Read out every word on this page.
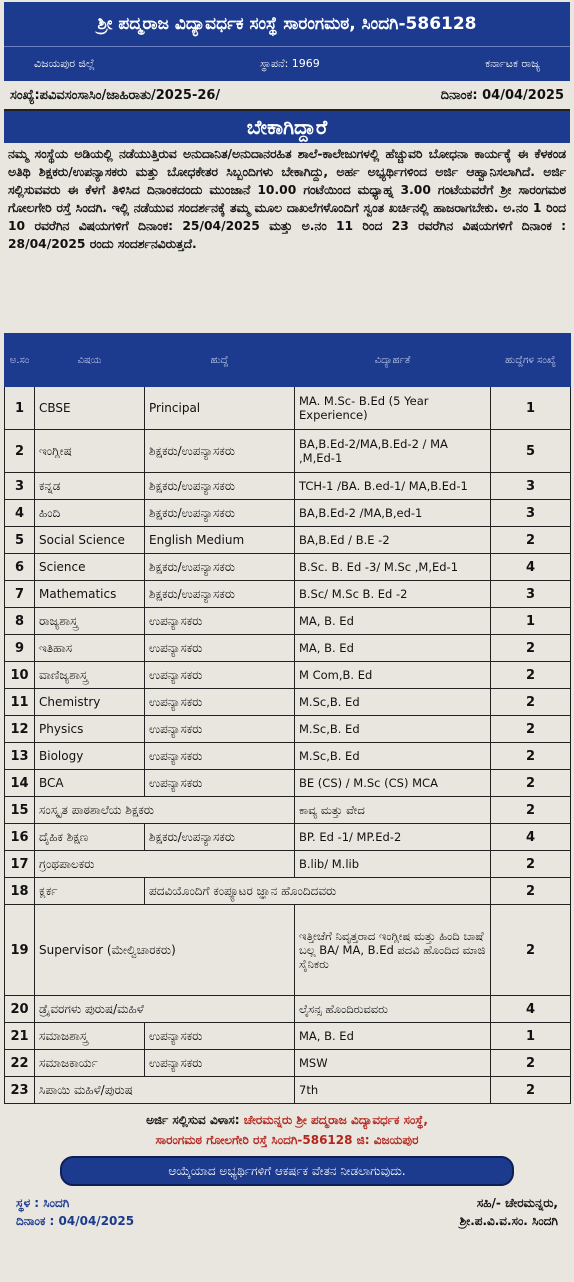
ಶ್ರೀ ಪದ್ಮರಾಜ ವಿದ್ಯಾವರ್ಧಕ ಸಂಸ್ಥೆ ಸಾರಂಗಮಠ, ಸಿಂದಗಿ-586128
ವಿಜಯಪುರ ಜಿಲ್ಲೆ	ಸ್ಥಾಪನೆ: 1969	ಕರ್ನಾಟಕ ರಾಜ್ಯ
ಸಂಖ್ಯೆ:ಪವಿವಸಂಸಾಸಿಂ/ಜಾಹಿರಾತು/2025-26/	ದಿನಾಂಕ: 04/04/2025
ಬೇಕಾಗಿದ್ದಾರೆ
ನಮ್ಮ ಸಂಸ್ಥೆಯ ಅಡಿಯಲ್ಲಿ ನಡೆಯುತ್ತಿರುವ ಅನುದಾನಿತ/ಅನುದಾನರಹಿತ ಶಾಲೆ-ಕಾಲೇಜುಗಳಲ್ಲಿ ಹೆಚ್ಚುವರಿ ಬೋಧನಾ ಕಾರ್ಯಕ್ಕೆ ಈ ಕೆಳಕಂಡ ಅತಿಥಿ ಶಿಕ್ಷಕರು/ಉಪನ್ಯಾಸಕರು ಮತ್ತು ಬೋಧಕೇತರ ಸಿಬ್ಬಂದಿಗಳು ಬೇಕಾಗಿದ್ದು, ಅರ್ಹ ಅಭ್ಯರ್ಥಿಗಳಿಂದ ಅರ್ಜಿ ಆಹ್ವಾನಿಸಲಾಗಿದೆ. ಅರ್ಜಿ ಸಲ್ಲಿಸುವವರು ಈ ಕೆಳಗೆ ತಿಳಿಸಿದ ದಿನಾಂಕದಂದು ಮುಂಜಾನೆ 10.00 ಗಂಟೆಯಿಂದ ಮಧ್ಯಾಹ್ನ 3.00 ಗಂಟೆಯವರೆಗೆ ಶ್ರೀ ಸಾರಂಗಮಠ ಗೋಲಗೇರಿ ರಸ್ತೆ ಸಿಂದಗಿ. ಇಲ್ಲಿ ನಡೆಯುವ ಸಂದರ್ಶನಕ್ಕೆ ತಮ್ಮ ಮೂಲ ದಾಖಲೆಗಳೊಂದಿಗೆ ಸ್ವಂತ ಖರ್ಚಿನಲ್ಲಿ ಹಾಜರಾಗಬೇಕು. ಅ.ನಂ 1 ರಿಂದ 10 ರವರೆಗಿನ ವಿಷಯಗಳಿಗೆ ದಿನಾಂಕ: 25/04/2025 ಮತ್ತು ಅ.ನಂ 11 ರಿಂದ 23 ರವರೆಗಿನ ವಿಷಯಗಳಿಗೆ ದಿನಾಂಕ : 28/04/2025 ರಂದು ಸಂದರ್ಶನವಿರುತ್ತದೆ.
ಅ.ಸಂ	ವಿಷಯ	ಹುದ್ದೆ	ವಿದ್ಯಾರ್ಹತೆ	ಹುದ್ದೆಗಳ ಸಂಖ್ಯೆ
1	CBSE	Principal	MA. M.Sc- B.Ed (5 Year Experience)	1
2	ಇಂಗ್ಲೀಷ	ಶಿಕ್ಷಕರು/ಉಪನ್ಯಾಸಕರು	BA,B.Ed-2/MA,B.Ed-2 / MA ,M,Ed-1	5
3	ಕನ್ನಡ	ಶಿಕ್ಷಕರು/ಉಪನ್ಯಾಸಕರು	TCH-1 /BA. B.ed-1/ MA,B.Ed-1	3
4	ಹಿಂದಿ	ಶಿಕ್ಷಕರು/ಉಪನ್ಯಾಸಕರು	BA,B.Ed-2 /MA,B,ed-1	3
5	Social Science	English Medium	BA,B.Ed / B.E -2	2
6	Science	ಶಿಕ್ಷಕರು/ಉಪನ್ಯಾಸಕರು	B.Sc. B. Ed -3/ M.Sc ,M,Ed-1	4
7	Mathematics	ಶಿಕ್ಷಕರು/ಉಪನ್ಯಾಸಕರು	B.Sc/ M.Sc B. Ed -2	3
8	ರಾಜ್ಯಶಾಸ್ತ್ರ	ಉಪನ್ಯಾಸಕರು	MA, B. Ed	1
9	ಇತಿಹಾಸ	ಉಪನ್ಯಾಸಕರು	MA, B. Ed	2
10	ವಾಣಿಜ್ಯಶಾಸ್ತ್ರ	ಉಪನ್ಯಾಸಕರು	M Com,B. Ed	2
11	Chemistry	ಉಪನ್ಯಾಸಕರು	M.Sc,B. Ed	2
12	Physics	ಉಪನ್ಯಾಸಕರು	M.Sc,B. Ed	2
13	Biology	ಉಪನ್ಯಾಸಕರು	M.Sc,B. Ed	2
14	BCA	ಉಪನ್ಯಾಸಕರು	BE (CS) / M.Sc (CS) MCA	2
15	ಸಂಸ್ಕೃತ ಪಾಠಶಾಲೆಯ ಶಿಕ್ಷಕರು		ಕಾವ್ಯ ಮತ್ತು ವೇದ	2
16	ದೈಹಿಕ ಶಿಕ್ಷಣ	ಶಿಕ್ಷಕರು/ಉಪನ್ಯಾಸಕರು	BP. Ed -1/ MP.Ed-2	4
17	ಗ್ರಂಥಪಾಲಕರು		B.lib/ M.lib	2
18	ಕ್ಲರ್ಕ	ಪದವಿಯೊಂದಿಗೆ ಕಂಪ್ಯೂಟರ ಜ್ಞಾನ ಹೊಂದಿದವರು		2
19	Supervisor (ಮೇಲ್ವಿಚಾರಕರು)		ಇತ್ತೀಚೆಗೆ ನಿವೃತ್ತರಾದ ಇಂಗ್ಲೀಷ ಮತ್ತು ಹಿಂದಿ ಬಾಷೆ ಬಲ್ಲ BA/ MA, B.Ed ಪದವಿ ಹೊಂದಿದ ಮಾಜಿ ಸೈನಿಕರು	2
20	ಡ್ರೈವರಗಳು ಪುರುಷ/ಮಹಿಳೆ		ಲೈಸನ್ಸ ಹೊಂದಿರುವವರು	4
21	ಸಮಾಜಶಾಸ್ತ್ರ	ಉಪನ್ಯಾಸಕರು	MA, B. Ed	1
22	ಸಮಾಜಕಾರ್ಯ	ಉಪನ್ಯಾಸಕರು	MSW	2
23	ಸಿಪಾಯಿ ಮಹಿಳೆ/ಪುರುಷ		7th	2
ಅರ್ಜಿ ಸಲ್ಲಿಸುವ ವಿಳಾಸ: ಚೇರಮನ್ನರು ಶ್ರೀ ಪದ್ಮರಾಜ ವಿದ್ಯಾವರ್ಧಕ ಸಂಸ್ಥೆ,
ಸಾರಂಗಮಠ ಗೋಲಗೇರಿ ರಸ್ತೆ ಸಿಂದಗಿ-586128 ಜಿ: ವಿಜಯಪುರ
ಆಯ್ಕೆಯಾದ ಅಭ್ಯರ್ಥಿಗಳಿಗೆ ಆಕರ್ಷಕ ವೇತನ ನೀಡಲಾಗುವುದು.
ಸ್ಥಳ : ಸಿಂದಗಿ
ದಿನಾಂಕ : 04/04/2025
ಸಹಿ/- ಚೇರಮನ್ನರು,
ಶ್ರೀ.ಪ.ವಿ.ವ.ಸಂ. ಸಿಂದಗಿ
